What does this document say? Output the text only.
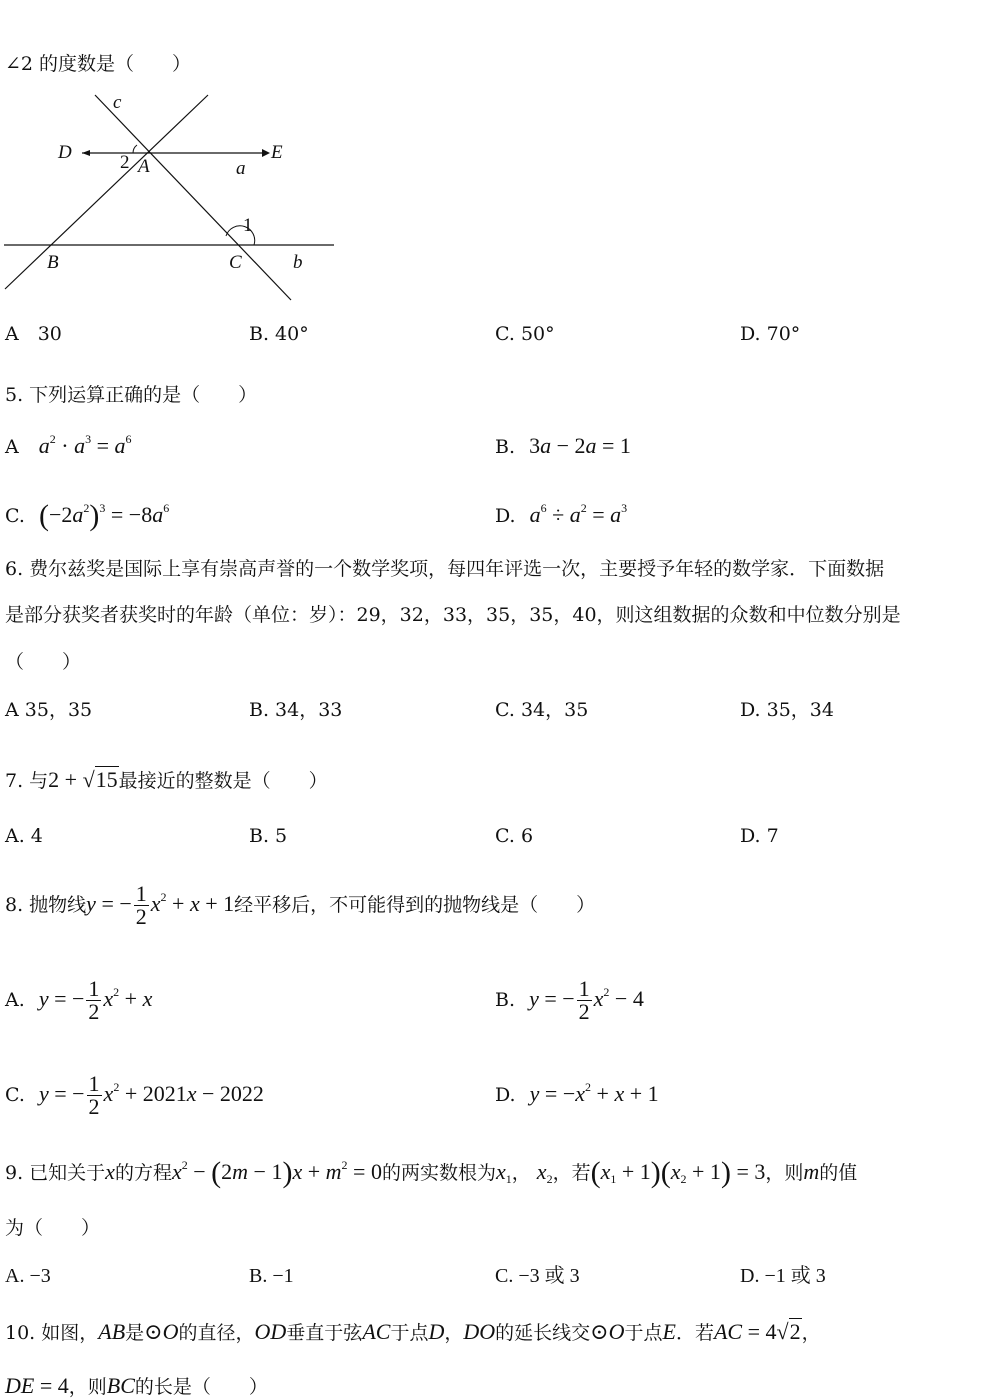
∠2 的度数是（　　）
c
D	E
2 A	a
1
B	C	b
A　30	B. 40°	C. 50°	D. 70°
5. 下列运算正确的是（　　）
A $a^2 \cdot a^3 = a^6$	B. 3a − 2a = 1
C. $(-2a^2)^3 = -8a^6$	D. $a^6 \div a^2 = a^3$
6. 费尔兹奖是国际上享有崇高声誉的一个数学奖项，每四年评选一次，主要授予年轻的数学家．下面数据
是部分获奖者获奖时的年龄（单位：岁）：29，32，33，35，35，40，则这组数据的众数和中位数分别是
（　　）
A 35，35	B. 34，33	C. 34，35	D. 35，34
7. 与2 + √15最接近的整数是（　　）
A. 4	B. 5	C. 6	D. 7
8. 抛物线y = − $\frac{1}{2} x^2 + x + 1$经平移后，不可能得到的抛物线是（　　）
A. y = − $\frac{1}{2} x^2 + x$	B. y = − $\frac{1}{2} x^2 - 4$
C. y = − $\frac{1}{2} x^2 + 2021x - 2022$	D. $y = -x^2 + x + 1$
9. 已知关于x的方程$x^2 - (2m - 1)x + m^2 = 0$的两实数根为$x_1$， $x_2$，若$(x_1 + 1)(x_2 + 1) = 3$，则m的值
为（　　）
A. −3	B. −1	C. −3 或 3	D. −1 或 3
10. 如图，AB是⊙O的直径，OD垂直于弦AC于点D，DO的延长线交⊙O于点E．若AC = 4√2，
DE = 4，则BC的长是（　　）
